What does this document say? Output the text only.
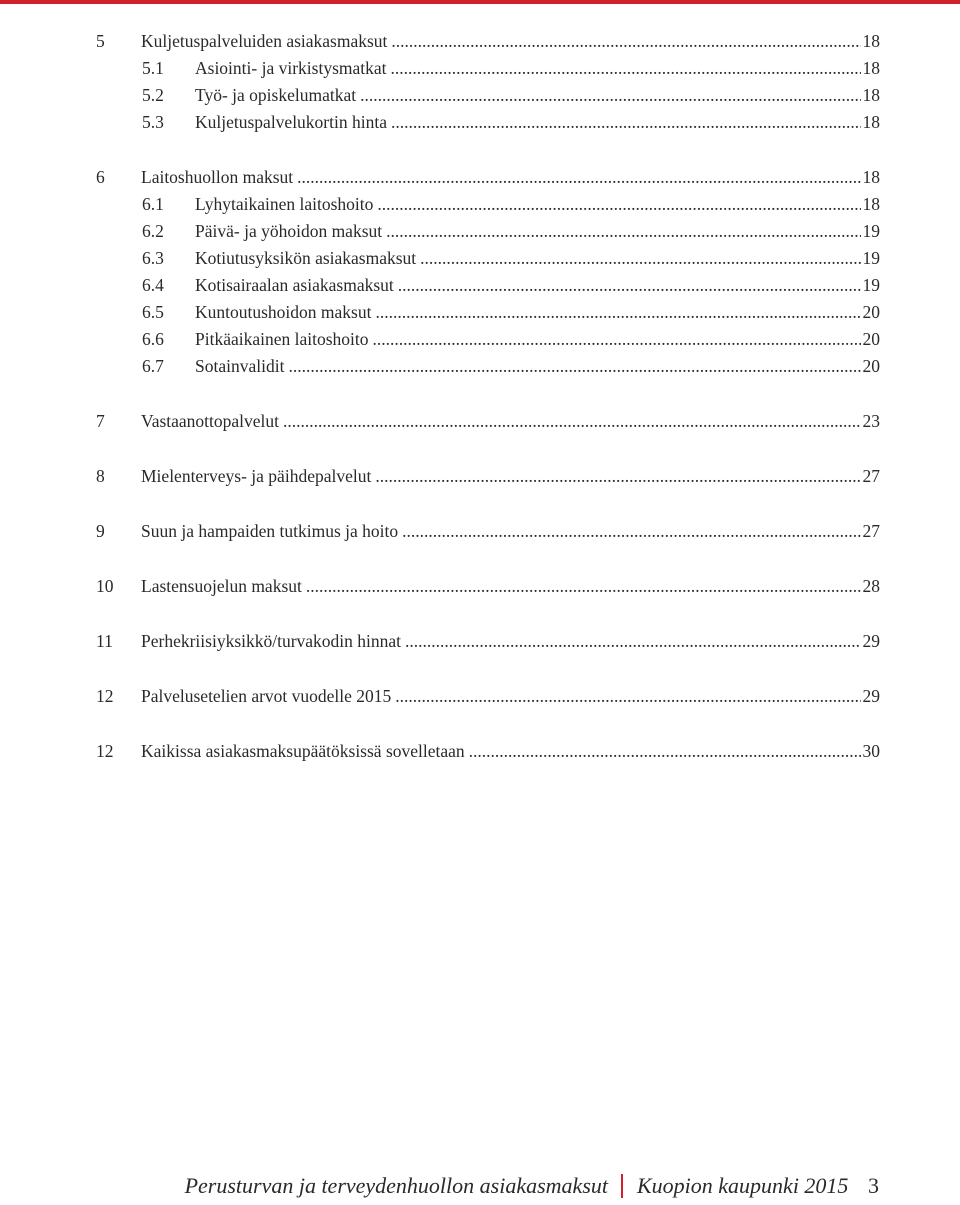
5 Kuljetuspalveluiden asiakasmaksut .....	18
5.1 Asiointi- ja virkistysmatkat .....	18
5.2 Työ- ja opiskelumatkat .....	18
5.3 Kuljetuspalvelukortin hinta .....	18
6 Laitoshuollon maksut .....	18
6.1 Lyhytaikainen laitoshoito .....	18
6.2 Päivä- ja yöhoidon maksut .....	19
6.3 Kotiutusyksikön asiakasmaksut .....	19
6.4 Kotisairaalan asiakasmaksut .....	19
6.5 Kuntoutushoidon maksut .....	20
6.6 Pitkäaikainen laitoshoito .....	20
6.7 Sotainvalidit .....	20
7 Vastaanottopalvelut .....	23
8 Mielenterveys- ja päihdepalvelut .....	27
9 Suun ja hampaiden tutkimus ja hoito .....	27
10 Lastensuojelun maksut .....	28
11 Perhekriisiyksikkö/turvakodin hinnat .....	29
12 Palvelusetelien arvot vuodelle 2015 .....	29
12 Kaikissa asiakasmaksupäätöksissä sovelletaan .....	30
Perusturvan ja terveydenhuollon asiakasmaksut Kuopion kaupunki 2015 3
